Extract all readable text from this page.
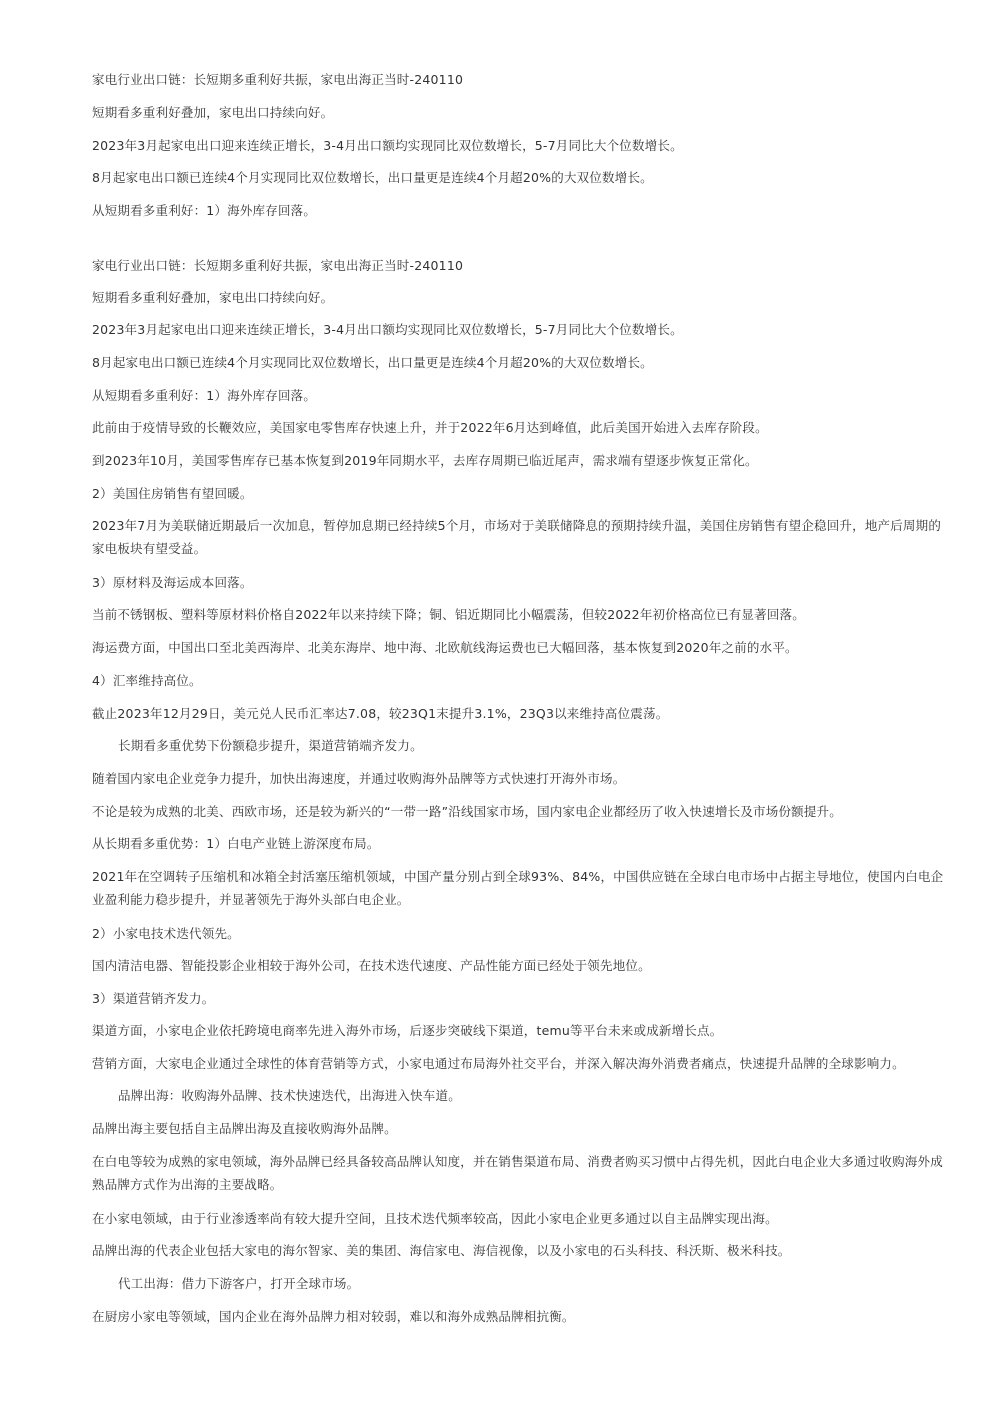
家电行业出口链：长短期多重利好共振，家电出海正当时-240110

短期看多重利好叠加，家电出口持续向好。

2023年3月起家电出口迎来连续正增长，3-4月出口额均实现同比双位数增长，5-7月同比大个位数增长。

8月起家电出口额已连续4个月实现同比双位数增长，出口量更是连续4个月超20%的大双位数增长。

从短期看多重利好：1）海外库存回落。

家电行业出口链：长短期多重利好共振，家电出海正当时-240110

短期看多重利好叠加，家电出口持续向好。

2023年3月起家电出口迎来连续正增长，3-4月出口额均实现同比双位数增长，5-7月同比大个位数增长。

8月起家电出口额已连续4个月实现同比双位数增长，出口量更是连续4个月超20%的大双位数增长。

从短期看多重利好：1）海外库存回落。

此前由于疫情导致的长鞭效应，美国家电零售库存快速上升，并于2022年6月达到峰值，此后美国开始进入去库存阶段。

到2023年10月，美国零售库存已基本恢复到2019年同期水平，去库存周期已临近尾声，需求端有望逐步恢复正常化。

2）美国住房销售有望回暖。

2023年7月为美联储近期最后一次加息，暂停加息期已经持续5个月，市场对于美联储降息的预期持续升温，美国住房销售有望企稳回升，地产后周期的家电板块有望受益。

3）原材料及海运成本回落。

当前不锈钢板、塑料等原材料价格自2022年以来持续下降；铜、铝近期同比小幅震荡，但较2022年初价格高位已有显著回落。

海运费方面，中国出口至北美西海岸、北美东海岸、地中海、北欧航线海运费也已大幅回落，基本恢复到2020年之前的水平。

4）汇率维持高位。

截止2023年12月29日，美元兑人民币汇率达7.08，较23Q1末提升3.1%，23Q3以来维持高位震荡。

长期看多重优势下份额稳步提升，渠道营销端齐发力。

随着国内家电企业竞争力提升，加快出海速度，并通过收购海外品牌等方式快速打开海外市场。

不论是较为成熟的北美、西欧市场，还是较为新兴的“一带一路”沿线国家市场，国内家电企业都经历了收入快速增长及市场份额提升。

从长期看多重优势：1）白电产业链上游深度布局。

2021年在空调转子压缩机和冰箱全封活塞压缩机领域，中国产量分别占到全球93%、84%，中国供应链在全球白电市场中占据主导地位，使国内白电企业盈利能力稳步提升，并显著领先于海外头部白电企业。

2）小家电技术迭代领先。

国内清洁电器、智能投影企业相较于海外公司，在技术迭代速度、产品性能方面已经处于领先地位。

3）渠道营销齐发力。

渠道方面，小家电企业依托跨境电商率先进入海外市场，后逐步突破线下渠道，temu等平台未来或成新增长点。

营销方面，大家电企业通过全球性的体育营销等方式，小家电通过布局海外社交平台，并深入解决海外消费者痛点，快速提升品牌的全球影响力。

品牌出海：收购海外品牌、技术快速迭代，出海进入快车道。

品牌出海主要包括自主品牌出海及直接收购海外品牌。

在白电等较为成熟的家电领域，海外品牌已经具备较高品牌认知度，并在销售渠道布局、消费者购买习惯中占得先机，因此白电企业大多通过收购海外成熟品牌方式作为出海的主要战略。

在小家电领域，由于行业渗透率尚有较大提升空间，且技术迭代频率较高，因此小家电企业更多通过以自主品牌实现出海。

品牌出海的代表企业包括大家电的海尔智家、美的集团、海信家电、海信视像，以及小家电的石头科技、科沃斯、极米科技。

代工出海：借力下游客户，打开全球市场。

在厨房小家电等领域，国内企业在海外品牌力相对较弱，难以和海外成熟品牌相抗衡。
